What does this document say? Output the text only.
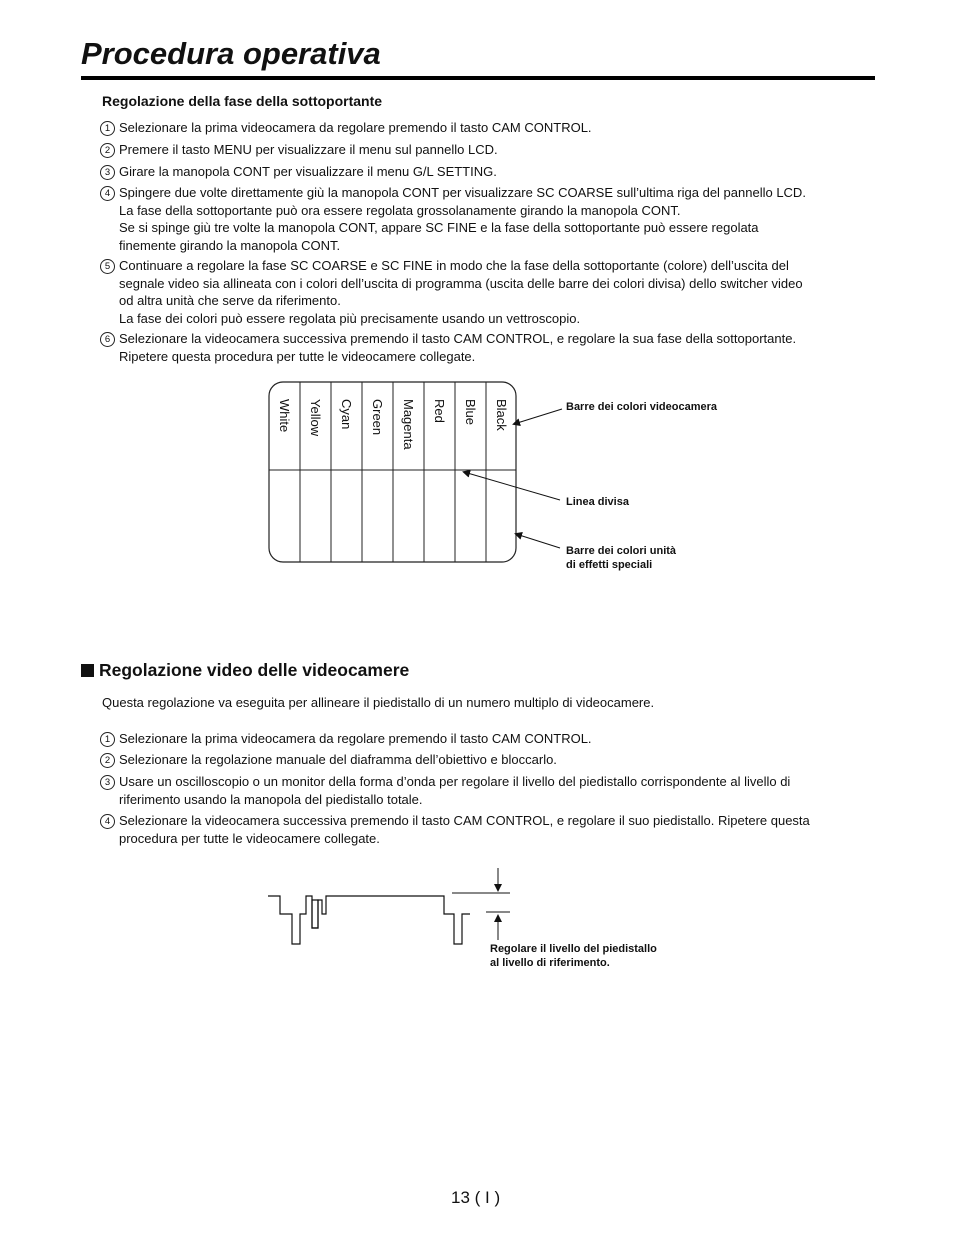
Procedura operativa
Regolazione della fase della sottoportante
1 Selezionare la prima videocamera da regolare premendo il tasto CAM CONTROL.
2 Premere il tasto MENU per visualizzare il menu sul pannello LCD.
3 Girare la manopola CONT per visualizzare il menu G/L SETTING.
4 Spingere due volte direttamente giù la manopola CONT per visualizzare SC COARSE sull’ultima riga del pannello LCD.
La fase della sottoportante può ora essere regolata grossolanamente girando la manopola CONT.
Se si spinge giù tre volte la manopola CONT, appare SC FINE e la fase della sottoportante può essere regolata
finemente girando la manopola CONT.
5 Continuare a regolare la fase SC COARSE e SC FINE in modo che la fase della sottoportante (colore) dell’uscita del
segnale video sia allineata con i colori dell’uscita di programma (uscita delle barre dei colori divisa) dello switcher video
od altra unità che serve da riferimento.
La fase dei colori può essere regolata più precisamente usando un vettroscopio.
6 Selezionare la videocamera successiva premendo il tasto CAM CONTROL, e regolare la sua fase della sottoportante.
Ripetere questa procedura per tutte le videocamere collegate.
White Yellow Cyan Green Magenta Red Blue Black	Barre dei colori videocamera
Linea divisa
Barre dei colori unità
di effetti speciali
Regolazione video delle videocamere
Questa regolazione va eseguita per allineare il piedistallo di un numero multiplo di videocamere.
1 Selezionare la prima videocamera da regolare premendo il tasto CAM CONTROL.
2 Selezionare la regolazione manuale del diaframma dell’obiettivo e bloccarlo.
3 Usare un oscilloscopio o un monitor della forma d’onda per regolare il livello del piedistallo corrispondente al livello di
riferimento usando la manopola del piedistallo totale.
4 Selezionare la videocamera successiva premendo il tasto CAM CONTROL, e regolare il suo piedistallo. Ripetere questa
procedura per tutte le videocamere collegate.
Regolare il livello del piedistallo
al livello di riferimento.
13 ( I )
